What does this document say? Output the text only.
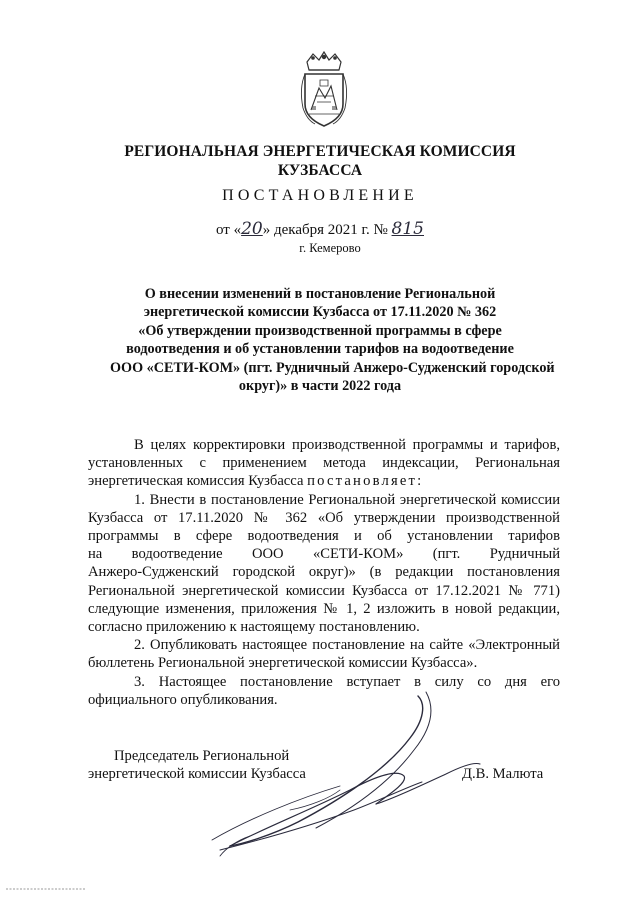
РЕГИОНАЛЬНАЯ ЭНЕРГЕТИЧЕСКАЯ КОМИССИЯ
КУЗБАССА
ПОСТАНОВЛЕНИЕ
от «20» декабря 2021 г. № 815
г. Кемерово
О внесении изменений в постановление Региональной
энергетической комиссии Кузбасса от 17.11.2020 № 362
«Об утверждении производственной программы в сфере
водоотведения и об установлении тарифов на водоотведение
ООО «СЕТИ-КОМ» (пгт. Рудничный Анжеро-Судженский городской
округ)» в части 2022 года
В целях корректировки производственной программы и тарифов,
установленных с применением метода индексации, Региональная
энергетическая комиссия Кузбасса постановляет:
1. Внести в постановление Региональной энергетической комиссии
Кузбасса от 17.11.2020 № 362 «Об утверждении производственной
программы в сфере водоотведения и об установлении тарифов
на водоотведение ООО «СЕТИ-КОМ» (пгт. Рудничный
Анжеро-Судженский городской округ)» (в редакции постановления
Региональной энергетической комиссии Кузбасса от 17.12.2021 № 771)
следующие изменения, приложения № 1, 2 изложить в новой редакции,
согласно приложению к настоящему постановлению.
2. Опубликовать настоящее постановление на сайте «Электронный
бюллетень Региональной энергетической комиссии Кузбасса».
3. Настоящее постановление вступает в силу со дня его
официального опубликования.
Председатель Региональной
энергетической комиссии Кузбасса	Д.В. Малюта
